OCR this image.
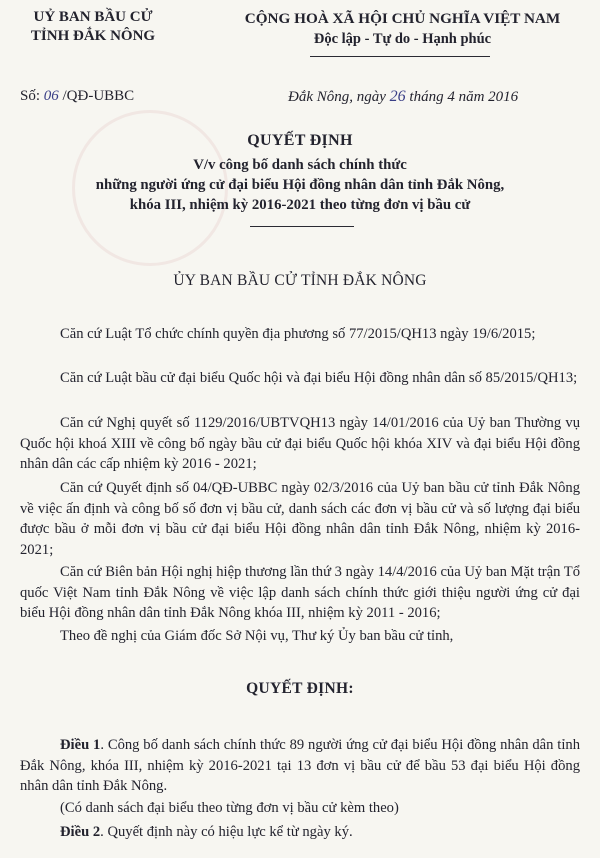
UỶ BAN BẦU CỬ
TỈNH ĐẮK NÔNG
CỘNG HOÀ XÃ HỘI CHỦ NGHĨA VIỆT NAM
Độc lập - Tự do - Hạnh phúc
Số: 06 /QĐ-UBBC	Đắk Nông, ngày 26 tháng 4 năm 2016
QUYẾT ĐỊNH
V/v công bố danh sách chính thức
những người ứng cử đại biểu Hội đồng nhân dân tỉnh Đắk Nông,
khóa III, nhiệm kỳ 2016-2021 theo từng đơn vị bầu cử
ỦY BAN BẦU CỬ TỈNH ĐẮK NÔNG
Căn cứ Luật Tổ chức chính quyền địa phương số 77/2015/QH13 ngày 19/6/2015;
Căn cứ Luật bầu cử đại biểu Quốc hội và đại biểu Hội đồng nhân dân số 85/2015/QH13;
Căn cứ Nghị quyết số 1129/2016/UBTVQH13 ngày 14/01/2016 của Uỷ ban Thường vụ Quốc hội khoá XIII về công bố ngày bầu cử đại biểu Quốc hội khóa XIV và đại biểu Hội đồng nhân dân các cấp nhiệm kỳ 2016 - 2021;
Căn cứ Quyết định số 04/QĐ-UBBC ngày 02/3/2016 của Uỷ ban bầu cử tỉnh Đắk Nông về việc ấn định và công bố số đơn vị bầu cử, danh sách các đơn vị bầu cử và số lượng đại biểu được bầu ở mỗi đơn vị bầu cử đại biểu Hội đồng nhân dân tỉnh Đắk Nông, nhiệm kỳ 2016-2021;
Căn cứ Biên bản Hội nghị hiệp thương lần thứ 3 ngày 14/4/2016 của Uỷ ban Mặt trận Tổ quốc Việt Nam tỉnh Đắk Nông về việc lập danh sách chính thức giới thiệu người ứng cử đại biểu Hội đồng nhân dân tỉnh Đắk Nông khóa III, nhiệm kỳ 2011 - 2016;
Theo đề nghị của Giám đốc Sở Nội vụ, Thư ký Ủy ban bầu cử tỉnh,
QUYẾT ĐỊNH:
Điều 1. Công bố danh sách chính thức 89 người ứng cử đại biểu Hội đồng nhân dân tỉnh Đắk Nông, khóa III, nhiệm kỳ 2016-2021 tại 13 đơn vị bầu cử để bầu 53 đại biểu Hội đồng nhân dân tỉnh Đắk Nông.
(Có danh sách đại biểu theo từng đơn vị bầu cử kèm theo)
Điều 2. Quyết định này có hiệu lực kể từ ngày ký.
